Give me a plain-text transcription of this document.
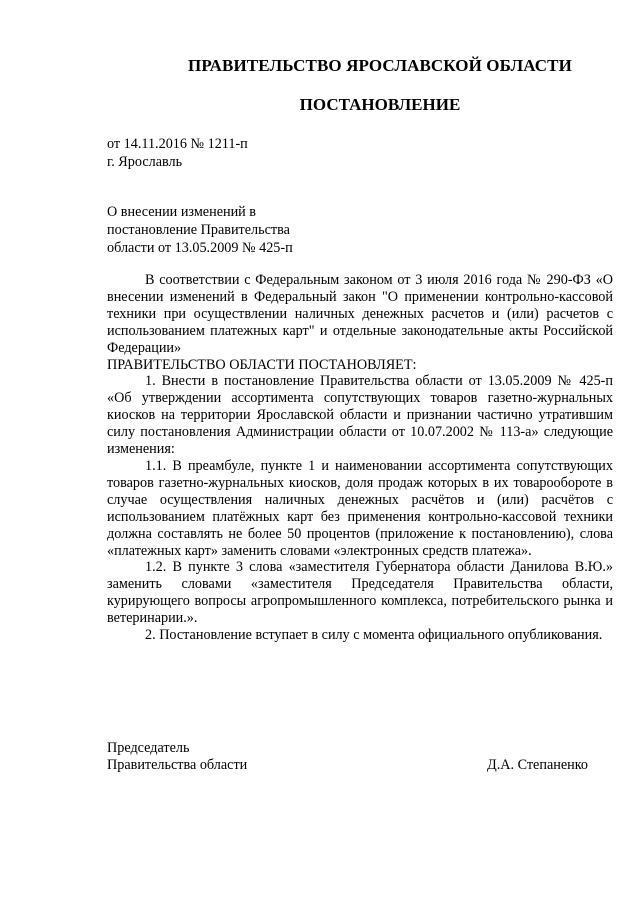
ПРАВИТЕЛЬСТВО ЯРОСЛАВСКОЙ ОБЛАСТИ
ПОСТАНОВЛЕНИЕ
от 14.11.2016 № 1211-п
г. Ярославль
О внесении изменений в
постановление Правительства
области от 13.05.2009 № 425-п

В соответствии с Федеральным законом от 3 июля 2016 года № 290-ФЗ «О внесении изменений в Федеральный закон "О применении контрольно-кассовой техники при осуществлении наличных денежных расчетов и (или) расчетов с использованием платежных карт" и отдельные законодательные акты Российской Федерации»

ПРАВИТЕЛЬСТВО ОБЛАСТИ ПОСТАНОВЛЯЕТ:

1. Внести в постановление Правительства области от 13.05.2009 № 425-п «Об утверждении ассортимента сопутствующих товаров газетно-журнальных киосков на территории Ярославской области и признании частично утратившим силу постановления Администрации области от 10.07.2002 № 113-а» следующие изменения:

1.1. В преамбуле, пункте 1 и наименовании ассортимента сопутствующих товаров газетно-журнальных киосков, доля продаж которых в их товарообороте в случае осуществления наличных денежных расчётов и (или) расчётов с использованием платёжных карт без применения контрольно-кассовой техники должна составлять не более 50 процентов (приложение к постановлению), слова «платежных карт» заменить словами «электронных средств платежа».

1.2. В пункте 3 слова «заместителя Губернатора области Данилова В.Ю.» заменить словами «заместителя Председателя Правительства области, курирующего вопросы агропромышленного комплекса, потребительского рынка и ветеринарии.».

2. Постановление вступает в силу с момента официального опубликования.

Председатель
Правительства области	Д.А. Степаненко
